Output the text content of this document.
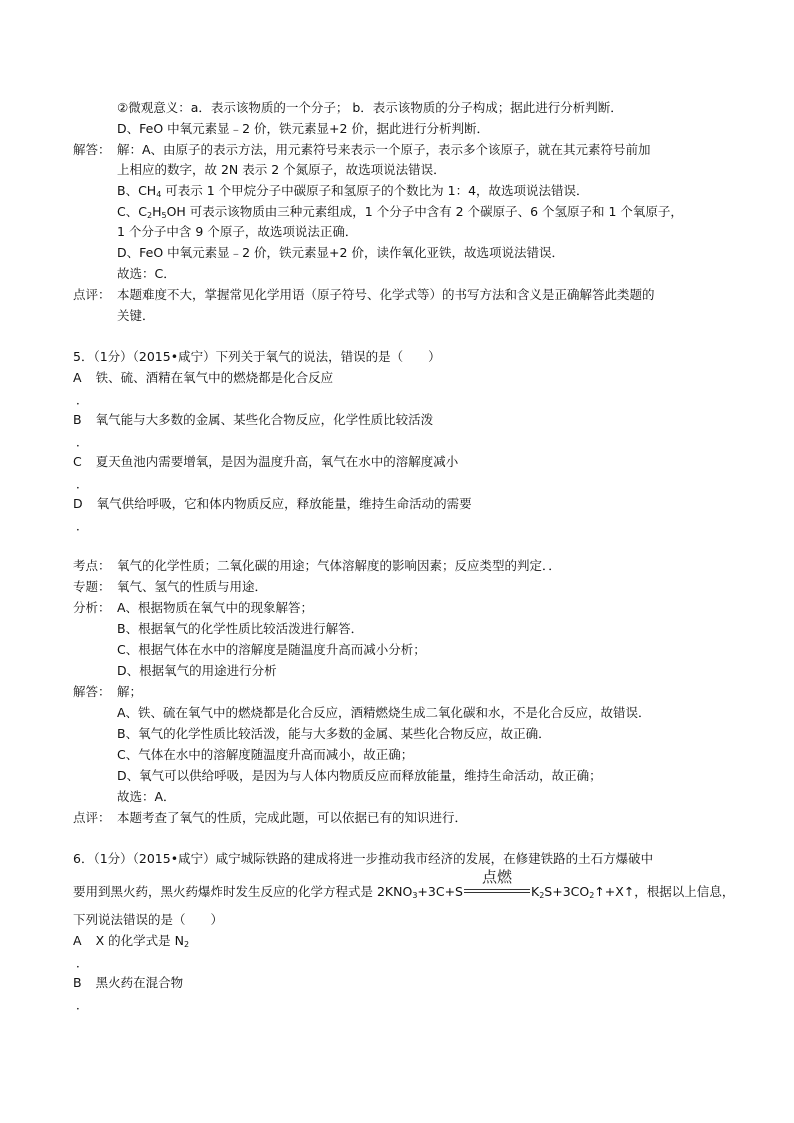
②微观意义：a．表示该物质的一个分子； b．表示该物质的分子构成；据此进行分析判断．
D、FeO 中氧元素显﹣2 价，铁元素显+2 价，据此进行分析判断．
解答： 解：A、由原子的表示方法，用元素符号来表示一个原子，表示多个该原子，就在其元素符号前加
上相应的数字，故 2N 表示 2 个氮原子，故选项说法错误．
B、$CH_4$ 可表示 1 个甲烷分子中碳原子和氢原子的个数比为 1：4，故选项说法错误．
C、$C_2H_5OH$ 可表示该物质由三种元素组成，1 个分子中含有 2 个碳原子、6 个氢原子和 1 个氧原子，
1 个分子中含 9 个原子，故选项说法正确．
D、FeO 中氧元素显﹣2 价，铁元素显+2 价，读作氧化亚铁，故选项说法错误．
故选：C．
点评： 本题难度不大，掌握常见化学用语（原子符号、化学式等）的书写方法和含义是正确解答此类题的
关键．
5．（1分）（2015•咸宁）下列关于氧气的说法，错误的是（　　）
A 铁、硫、酒精在氧气中的燃烧都是化合反应
．
B 氧气能与大多数的金属、某些化合物反应，化学性质比较活泼
．
C 夏天鱼池内需要增氧，是因为温度升高，氧气在水中的溶解度减小
．
D 氧气供给呼吸，它和体内物质反应，释放能量，维持生命活动的需要
．
考点： 氧气的化学性质；二氧化碳的用途；气体溶解度的影响因素；反应类型的判定．．
专题： 氧气、氢气的性质与用途．
分析： A、根据物质在氧气中的现象解答；
B、根据氧气的化学性质比较活泼进行解答．
C、根据气体在水中的溶解度是随温度升高而减小分析；
D、根据氧气的用途进行分析
解答： 解；
A、铁、硫在氧气中的燃烧都是化合反应，酒精燃烧生成二氧化碳和水，不是化合反应，故错误．
B、氧气的化学性质比较活泼，能与大多数的金属、某些化合物反应，故正确．
C、气体在水中的溶解度随温度升高而减小，故正确；
D、氧气可以供给呼吸，是因为与人体内物质反应而释放能量，维持生命活动，故正确；
故选：A．
点评： 本题考查了氧气的性质，完成此题，可以依据已有的知识进行．
6．（1分）（2015•咸宁）咸宁城际铁路的建成将进一步推动我市经济的发展，在修建铁路的土石方爆破中
要用到黑火药，黑火药爆炸时发生反应的化学方程式是 $2KNO_3+3C+S$
点燃
$K_2S+3CO_2↑+X↑$，根据以上信息，
下列说法错误的是（　　）
A X 的化学式是 $N_2$
．
B 黑火药在混合物
．
